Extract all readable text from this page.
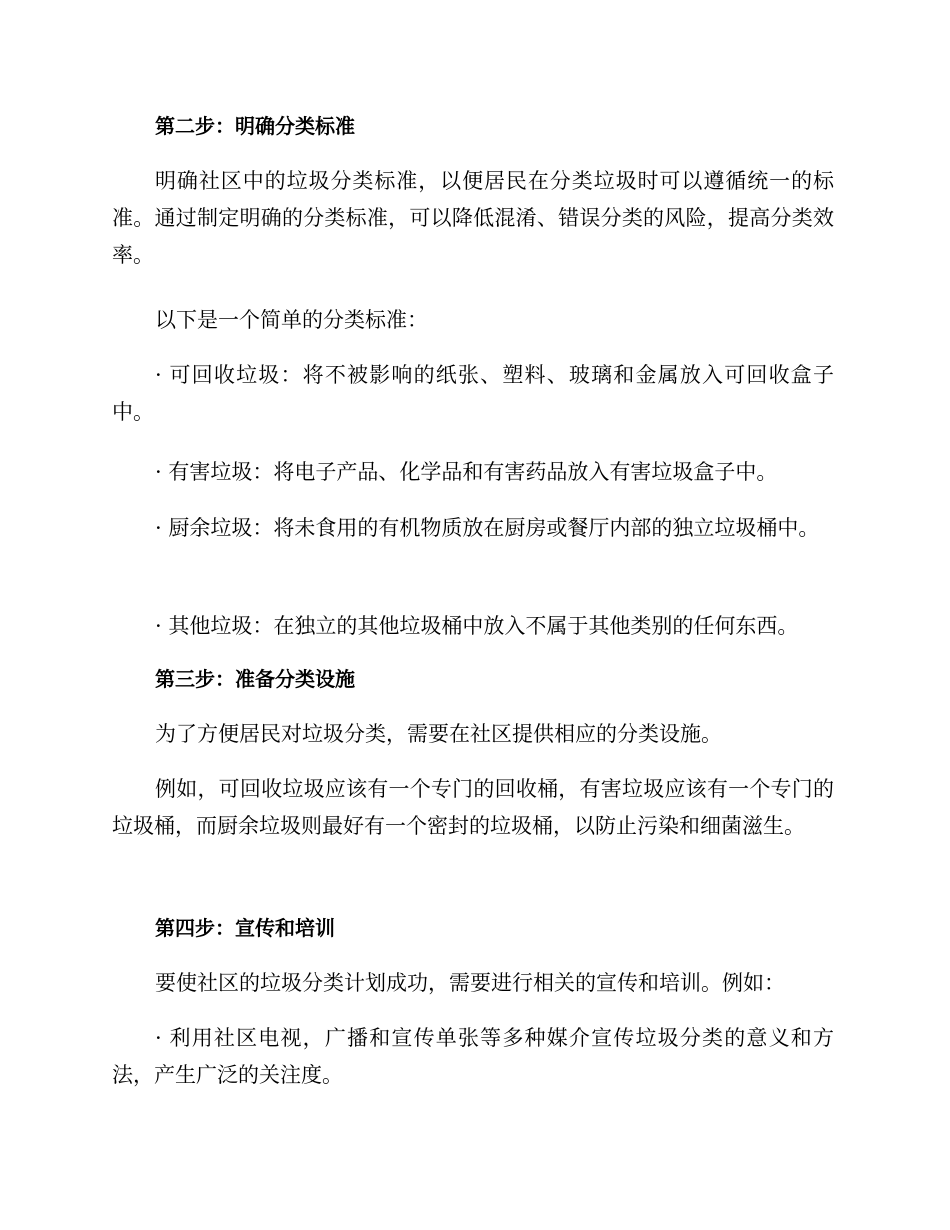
第二步：明确分类标准

明确社区中的垃圾分类标准，以便居民在分类垃圾时可以遵循统一的标准。通过制定明确的分类标准，可以降低混淆、错误分类的风险，提高分类效率。

以下是一个简单的分类标准：

· 可回收垃圾：将不被影响的纸张、塑料、玻璃和金属放入可回收盒子中。

· 有害垃圾：将电子产品、化学品和有害药品放入有害垃圾盒子中。

· 厨余垃圾：将未食用的有机物质放在厨房或餐厅内部的独立垃圾桶中。

· 其他垃圾：在独立的其他垃圾桶中放入不属于其他类别的任何东西。

第三步：准备分类设施

为了方便居民对垃圾分类，需要在社区提供相应的分类设施。

例如，可回收垃圾应该有一个专门的回收桶，有害垃圾应该有一个专门的垃圾桶，而厨余垃圾则最好有一个密封的垃圾桶，以防止污染和细菌滋生。

第四步：宣传和培训

要使社区的垃圾分类计划成功，需要进行相关的宣传和培训。例如：

· 利用社区电视，广播和宣传单张等多种媒介宣传垃圾分类的意义和方法，产生广泛的关注度。
